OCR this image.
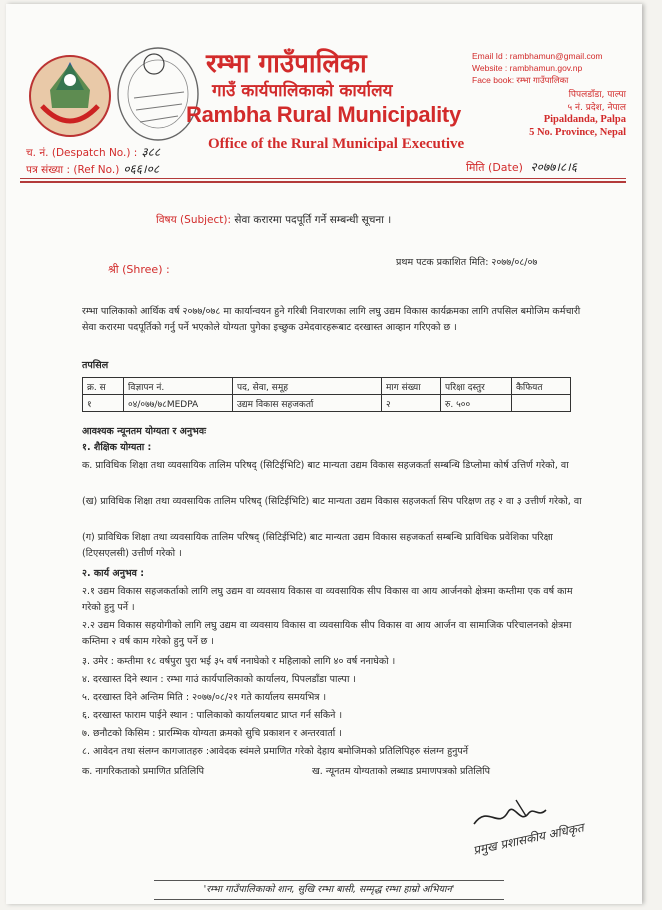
रम्भा गाउँपालिका
गाउँ कार्यपालिकाको कार्यालय
Rambha Rural Municipality
Office of the Rural Municipal Executive
Email Id : rambhamun@gmail.com
Website : rambhamun.gov.np
Face book: रम्भा गाउँपालिका
पिपलडाँडा, पाल्पा
५ नं. प्रदेश, नेपाल
Pipaldanda, Palpa
5 No. Province, Nepal
च. नं. (Despatch No.) : ३८८
पत्र संख्या : (Ref No.) ०६६।०८	मिति (Date) २०७७।८।६
विषय (Subject): सेवा करारमा पदपूर्ति गर्ने सम्बन्धी सूचना ।
श्री (Shree) :
प्रथम पटक प्रकाशित मिति: २०७७/०८/०७
रम्भा पालिकाको आर्थिक वर्ष २०७७/०७८ मा कार्यान्वयन हुने गरिबी निवारणका लागि लघु उद्यम विकास कार्यक्रमका लागि तपसिल बमोजिम कर्मचारी सेवा करारमा पदपूर्तिको गर्नु पर्ने भएकोले योग्यता पुगेका इच्छुक उमेदवारहरूबाट दरखास्त आव्हान गरिएको छ ।
तपसिल
क्र. स	विज्ञापन नं.	पद, सेवा, समूह	माग संख्या	परिक्षा दस्तुर	कैफियत
१	०४/०७७/७८MEDPA	उद्यम विकास सहजकर्ता	२	रु. ५००	
आवश्यक न्यूनतम योग्यता र अनुभवः
१. शैक्षिक योग्यता :
क. प्राविधिक शिक्षा तथा व्यवसायिक तालिम परिषद् (सिटिईभिटि) बाट मान्यता उद्यम विकास सहजकर्ता सम्बन्धि डिप्लोमा कोर्ष उत्तिर्ण गरेको, वा
(ख) प्राविधिक शिक्षा तथा व्यवसायिक तालिम परिषद् (सिटिईभिटि) बाट मान्यता उद्यम विकास सहजकर्ता सिप परिक्षण तह २ वा ३ उत्तीर्ण गरेको, वा
(ग) प्राविधिक शिक्षा तथा व्यवसायिक तालिम परिषद् (सिटिईभिटि) बाट मान्यता उद्यम विकास सहजकर्ता सम्बन्धि प्राविधिक प्रवेशिका परिक्षा (टिएसएलसी) उत्तीर्ण गरेको ।
२. कार्य अनुभव :
२.१ उद्यम विकास सहजकर्ताको लागि लघु उद्यम वा व्यवसाय विकास वा व्यवसायिक सीप विकास वा आय आर्जनको क्षेत्रमा कम्तीमा एक वर्ष काम गरेको हुनु पर्ने ।
२.२ उद्यम विकास सहयोगीको लागि लघु उद्यम वा व्यवसाय विकास वा व्यवसायिक सीप विकास वा आय आर्जन वा सामाजिक परिचालनको क्षेत्रमा कम्तिमा २ वर्ष काम गरेको हुनु पर्ने छ ।
३. उमेर : कम्तीमा १८ वर्षपुरा पुरा भई ३५ वर्ष ननाघेको र महिलाको लागि ४० वर्ष ननाघेको ।
४. दरखास्त दिने स्थान : रम्भा गाउं कार्यपालिकाको कार्यालय, पिपलडाँडा पाल्पा ।
५. दरखास्त दिने अन्तिम मिति : २०७७/०८/२१ गते कार्यालय समयभित्र ।
६. दरखास्त फाराम पाईने स्थान : पालिकाको कार्यालयबाट प्राप्त गर्न सकिने ।
७. छनौटको किसिम : प्रारम्भिक योग्यता क्रमको सुचि प्रकाशन र अन्तरवार्ता ।
८. आवेदन तथा संलग्न कागजातहरु :आवेदक स्वंमले प्रमाणित गरेको देहाय बमोजिमको प्रतिलिपिहरु संलग्न हुनुपर्ने
क. नागरिकताको प्रमाणित प्रतिलिपि	ख. न्यूनतम योग्यताको लब्धाड प्रमाणपत्रको प्रतिलिपि
प्रमुख प्रशासकीय अधिकृत
'रम्भा गाउँपालिकाको शान, सुखि रम्भा बासी, सम्मृद्ध रम्भा हाम्रो अभियान'
